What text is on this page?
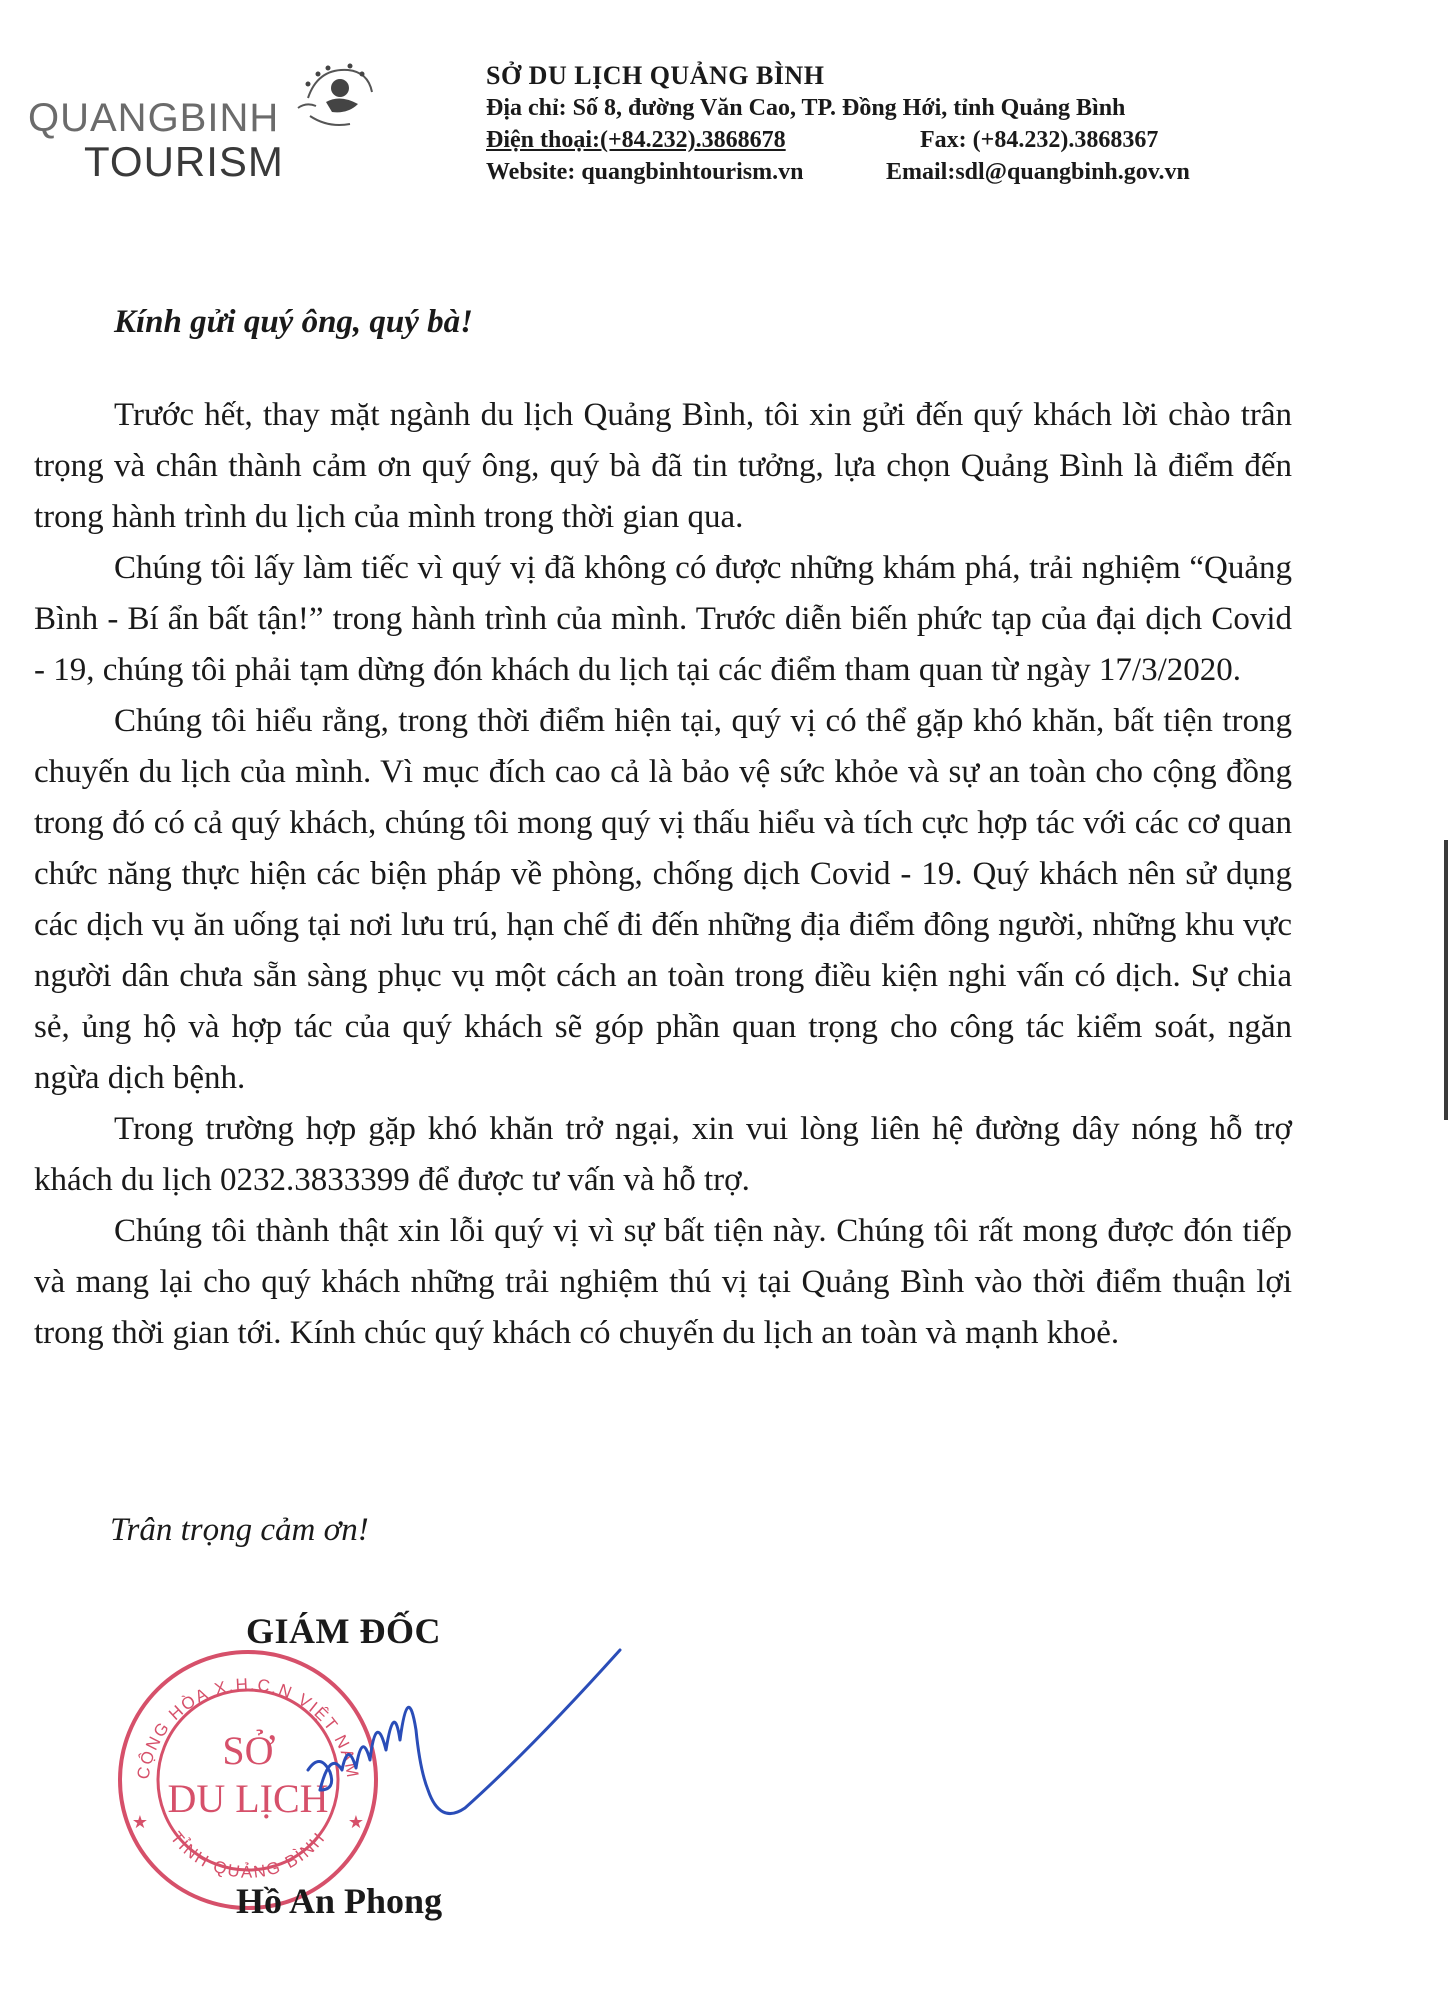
QUANGBINH
TOURISM
SỞ DU LỊCH QUẢNG BÌNH
Địa chỉ: Số 8, đường Văn Cao, TP. Đồng Hới, tỉnh Quảng Bình
Điện thoại:(+84.232).3868678	Fax: (+84.232).3868367
Website: quangbinhtourism.vn	Email:sdl@quangbinh.gov.vn
Kính gửi quý ông, quý bà!

Trước hết, thay mặt ngành du lịch Quảng Bình, tôi xin gửi đến quý khách lời chào trân trọng và chân thành cảm ơn quý ông, quý bà đã tin tưởng, lựa chọn Quảng Bình là điểm đến trong hành trình du lịch của mình trong thời gian qua.

Chúng tôi lấy làm tiếc vì quý vị đã không có được những khám phá, trải nghiệm “Quảng Bình - Bí ẩn bất tận!” trong hành trình của mình. Trước diễn biến phức tạp của đại dịch Covid - 19, chúng tôi phải tạm dừng đón khách du lịch tại các điểm tham quan từ ngày 17/3/2020.

Chúng tôi hiểu rằng, trong thời điểm hiện tại, quý vị có thể gặp khó khăn, bất tiện trong chuyến du lịch của mình. Vì mục đích cao cả là bảo vệ sức khỏe và sự an toàn cho cộng đồng trong đó có cả quý khách, chúng tôi mong quý vị thấu hiểu và tích cực hợp tác với các cơ quan chức năng thực hiện các biện pháp về phòng, chống dịch Covid - 19. Quý khách nên sử dụng các dịch vụ ăn uống tại nơi lưu trú, hạn chế đi đến những địa điểm đông người, những khu vực người dân chưa sẵn sàng phục vụ một cách an toàn trong điều kiện nghi vấn có dịch. Sự chia sẻ, ủng hộ và hợp tác của quý khách sẽ góp phần quan trọng cho công tác kiểm soát, ngăn ngừa dịch bệnh.

Trong trường hợp gặp khó khăn trở ngại, xin vui lòng liên hệ đường dây nóng hỗ trợ khách du lịch 0232.3833399 để được tư vấn và hỗ trợ.

Chúng tôi thành thật xin lỗi quý vị vì sự bất tiện này. Chúng tôi rất mong được đón tiếp và mang lại cho quý khách những trải nghiệm thú vị tại Quảng Bình vào thời điểm thuận lợi trong thời gian tới. Kính chúc quý khách có chuyến du lịch an toàn và mạnh khoẻ.

Trân trọng cảm ơn!
CỘNG HÒA X.H.C.N VIỆT NAM
TỈNH QUẢNG BÌNH
★	★
SỞ
DU LỊCH
GIÁM ĐỐC
Hồ An Phong
